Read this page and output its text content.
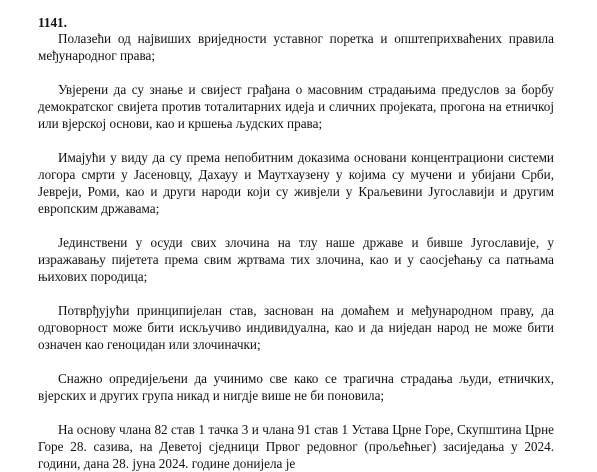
1141.

Полазећи од највиших вриједности уставног поретка и општеприхваћених правила међународног права;

Увјерени да су знање и свијест грађана о масовним страдањима предуслов за борбу демократског свијета против тоталитарних идеја и сличних пројеката, прогона на етничкој или вјерској основи, као и кршења људских права;

Имајући у виду да су према непобитним доказима основани концентрациони системи логора смрти у Јасеновцу, Дахауу и Маутхаузену у којима су мучени и убијани Срби, Јевреји, Роми, као и други народи који су живјели у Краљевини Југославији и другим европским државама;

Јединствени у осуди свих злочина на тлу наше државе и бивше Југославије, у изражавању пијетета према свим жртвама тих злочина, као и у саосјећању са патњама њихових породица;

Потврђујући принципијелан став, заснован на домаћем и међународном праву, да одговорност може бити искључиво индивидуална, као и да ниједан народ не може бити означен као геноцидан или злочиначки;

Снажно опредијељени да учинимо све како се трагична страдања људи, етничких, вјерских и других група никад и нигдје више не би поновила;

На основу члана 82 став 1 тачка 3 и члана 91 став 1 Устава Црне Горе, Скупштина Црне Горе 28. сазива, на Деветој сједници Првог редовног (прољећњег) засиједања у 2024. години, дана 28. јуна 2024. године донијела је
